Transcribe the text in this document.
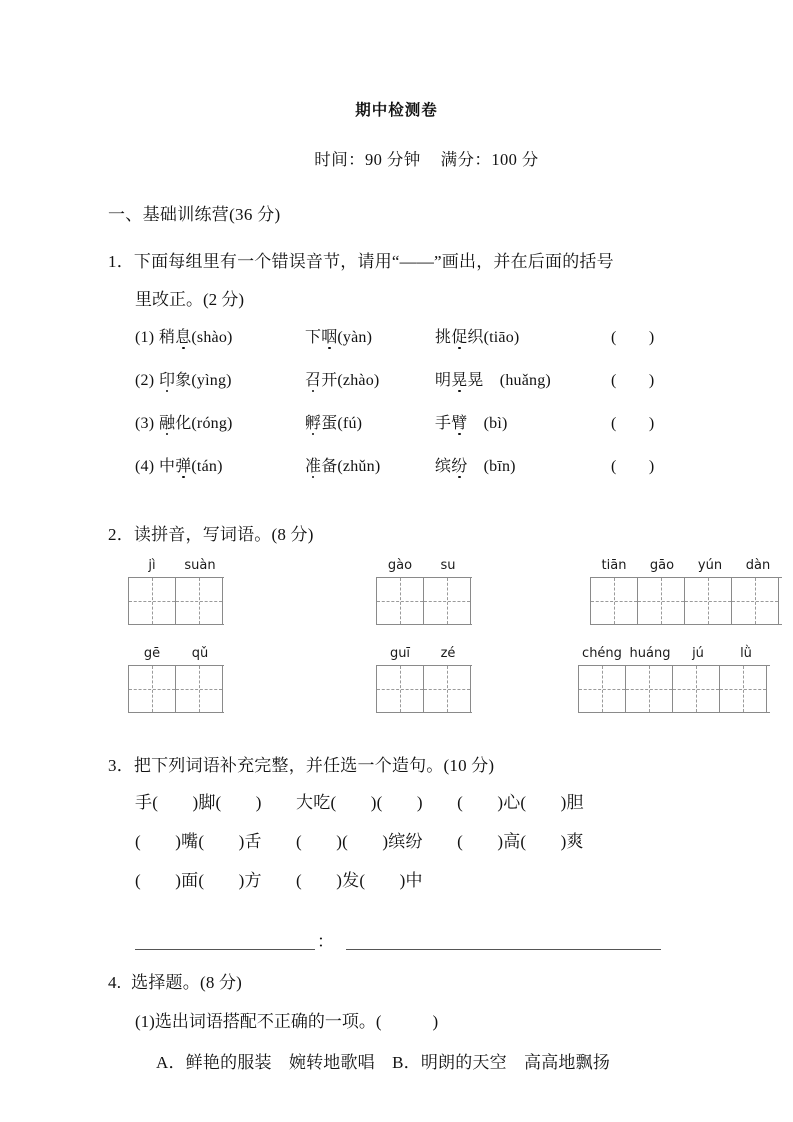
期中检测卷
时间：90 分钟 满分：100 分
一、基础训练营(36 分)
1．下面每组里有一个错误音节，请用“——”画出，并在后面的括号
里改正。(2 分)
(1) 稍息(shào)	下咽(yàn)	挑促织(tiāo)	(　　)
(2) 印象(yìng)	召开(zhào)	明晃晃　(huǎng)	(　　)
(3) 融化(róng)	孵蛋(fú)	手臂　(bì)	(　　)
(4) 中弹(tán)	准备(zhǔn)	缤纷　(bīn)	(　　)
2．读拼音，写词语。(8 分)
jì	suàn	gào	su	tiān	gāo	yún	dàn
gē	qǔ	guī	zé	chéng huáng	jú	lǜ
3．把下列词语补充完整，并任选一个造句。(10 分)
手(　　)脚(　　)　　大吃(　　)(　　)　　(　　)心(　　)胆
(　　)嘴(　　)舌　　(　　)(　　)缤纷　　(　　)高(　　)爽
(　　)面(　　)方　　(　　)发(　　)中
：
4. 选择题。(8 分)
(1)选出词语搭配不正确的一项。(　　　)
A．鲜艳的服装　婉转地歌唱　B．明朗的天空　高高地飘扬
